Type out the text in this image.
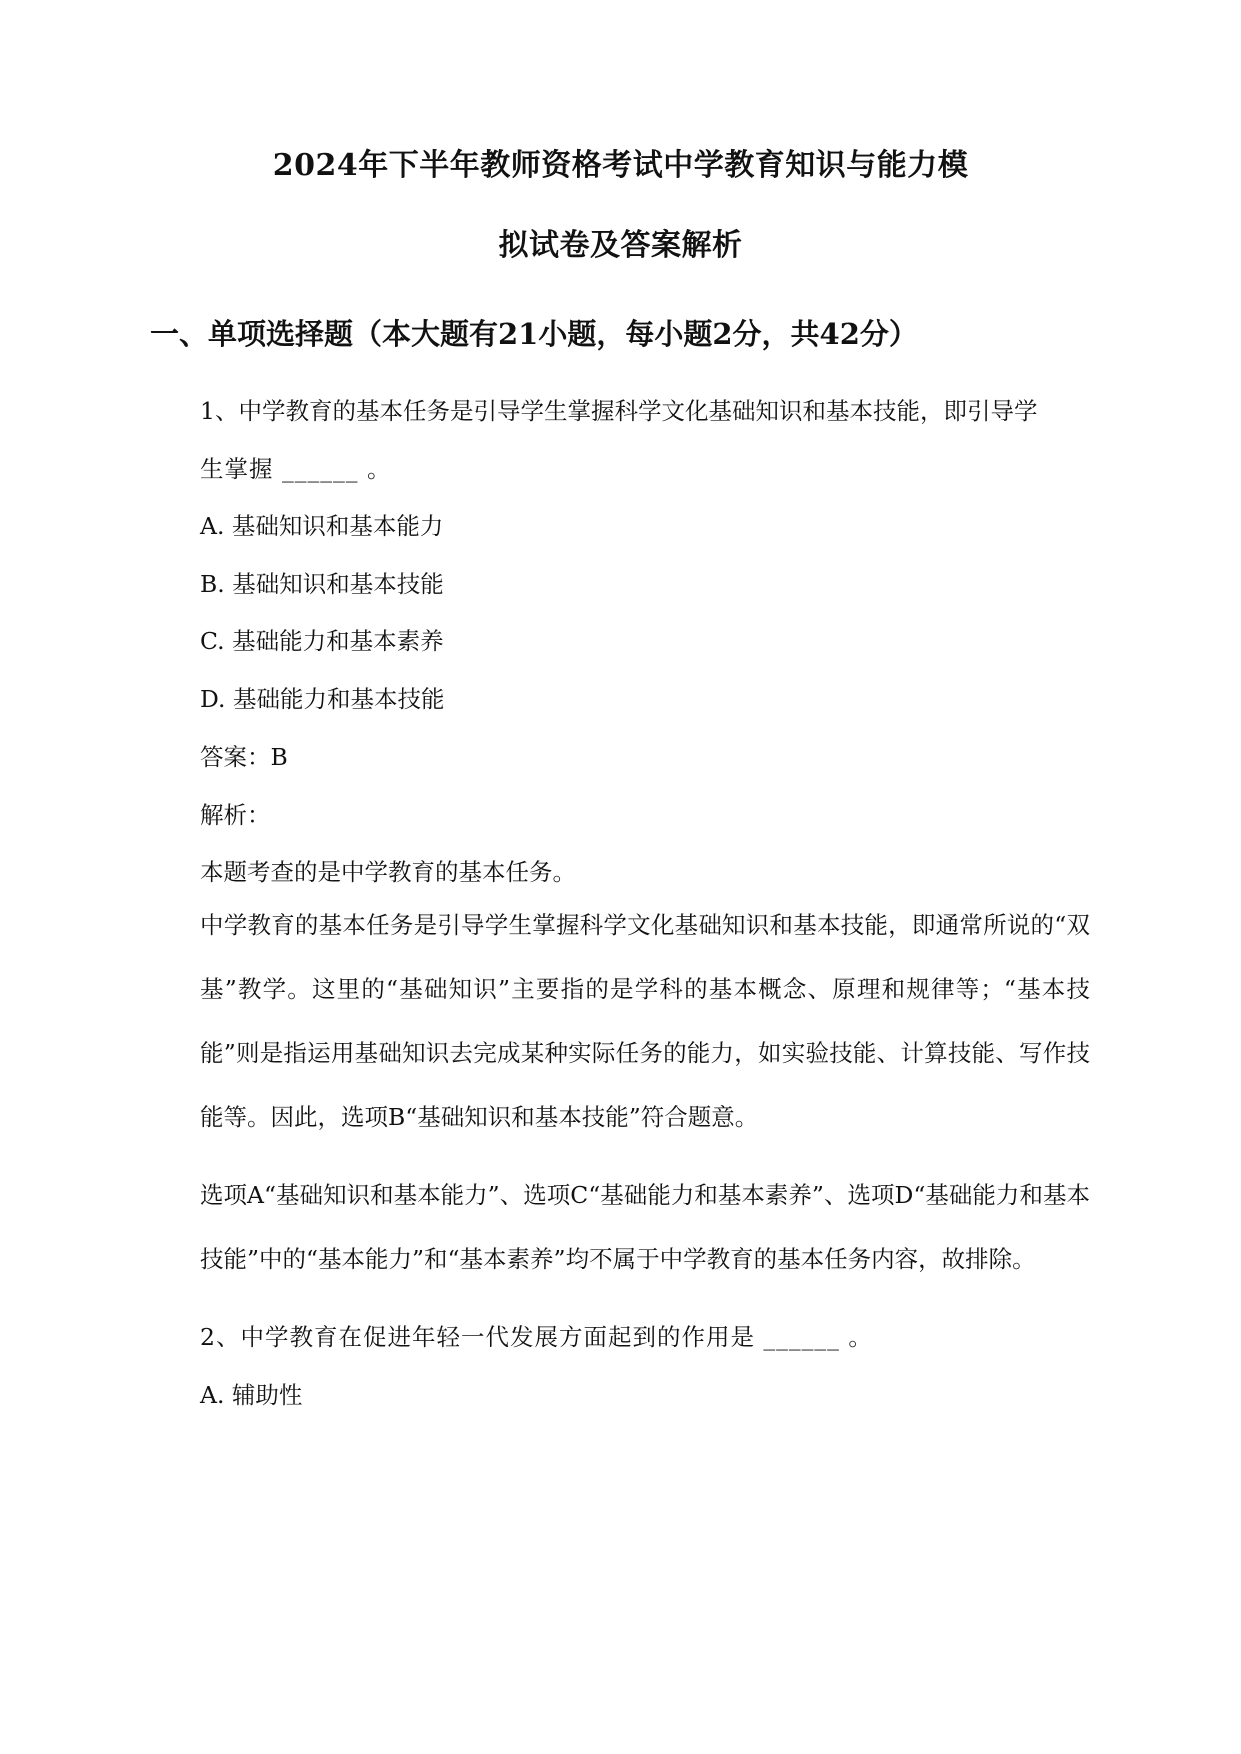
2024年下半年教师资格考试中学教育知识与能力模
拟试卷及答案解析
一、单项选择题（本大题有21小题，每小题2分，共42分）
1、中学教育的基本任务是引导学生掌握科学文化基础知识和基本技能，即引导学
生掌握 ______ 。
A. 基础知识和基本能力
B. 基础知识和基本技能
C. 基础能力和基本素养
D. 基础能力和基本技能
答案：B
解析：
本题考查的是中学教育的基本任务。
中学教育的基本任务是引导学生掌握科学文化基础知识和基本技能，即通常所说的“双基”教学。这里的“基础知识”主要指的是学科的基本概念、原理和规律等；“基本技能”则是指运用基础知识去完成某种实际任务的能力，如实验技能、计算技能、写作技能等。因此，选项B“基础知识和基本技能”符合题意。
选项A“基础知识和基本能力”、选项C“基础能力和基本素养”、选项D“基础能力和基本技能”中的“基本能力”和“基本素养”均不属于中学教育的基本任务内容，故排除。
2、中学教育在促进年轻一代发展方面起到的作用是 ______ 。
A. 辅助性
